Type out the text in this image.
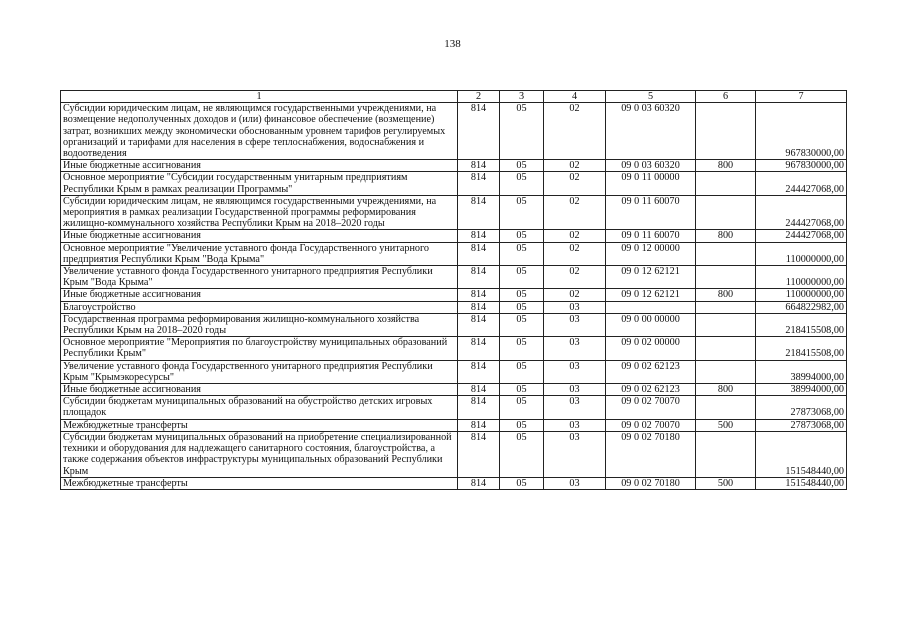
138
1	2	3	4	5	6	7
Субсидии юридическим лицам, не являющимся государственными учреждениями, на возмещение недополученных доходов и (или) финансовое обеспечение (возмещение) затрат, возникших между экономически обоснованным уровнем тарифов регулируемых организаций и тарифами для населения в сфере теплоснабжения, водоснабжения и водоотведения	814	05	02	09 0 03 60320		967830000,00
Иные бюджетные ассигнования	814	05	02	09 0 03 60320	800	967830000,00
Основное мероприятие "Субсидии государственным унитарным предприятиям Республики Крым в рамках реализации Программы"	814	05	02	09 0 11 00000		244427068,00
Субсидии юридическим лицам, не являющимся государственными учреждениями, на мероприятия в рамках реализации Государственной программы реформирования жилищно-коммунального хозяйства Республики Крым на 2018–2020 годы	814	05	02	09 0 11 60070		244427068,00
Иные бюджетные ассигнования	814	05	02	09 0 11 60070	800	244427068,00
Основное мероприятие "Увеличение уставного фонда Государственного унитарного предприятия Республики Крым "Вода Крыма"	814	05	02	09 0 12 00000		110000000,00
Увеличение уставного фонда Государственного унитарного предприятия Республики Крым "Вода Крыма"	814	05	02	09 0 12 62121		110000000,00
Иные бюджетные ассигнования	814	05	02	09 0 12 62121	800	110000000,00
Благоустройство	814	05	03			664822982,00
Государственная программа реформирования жилищно-коммунального хозяйства Республики Крым на 2018–2020 годы	814	05	03	09 0 00 00000		218415508,00
Основное мероприятие "Мероприятия по благоустройству муниципальных образований Республики Крым"	814	05	03	09 0 02 00000		218415508,00
Увеличение уставного фонда Государственного унитарного предприятия Республики Крым "Крымэкоресурсы"	814	05	03	09 0 02 62123		38994000,00
Иные бюджетные ассигнования	814	05	03	09 0 02 62123	800	38994000,00
Субсидии бюджетам муниципальных образований на обустройство детских игровых площадок	814	05	03	09 0 02 70070		27873068,00
Межбюджетные трансферты	814	05	03	09 0 02 70070	500	27873068,00
Субсидии бюджетам муниципальных образований на приобретение специализированной техники и оборудования для надлежащего санитарного состояния, благоустройства, а также содержания объектов инфраструктуры муниципальных образований Республики Крым	814	05	03	09 0 02 70180		151548440,00
Межбюджетные трансферты	814	05	03	09 0 02 70180	500	151548440,00
